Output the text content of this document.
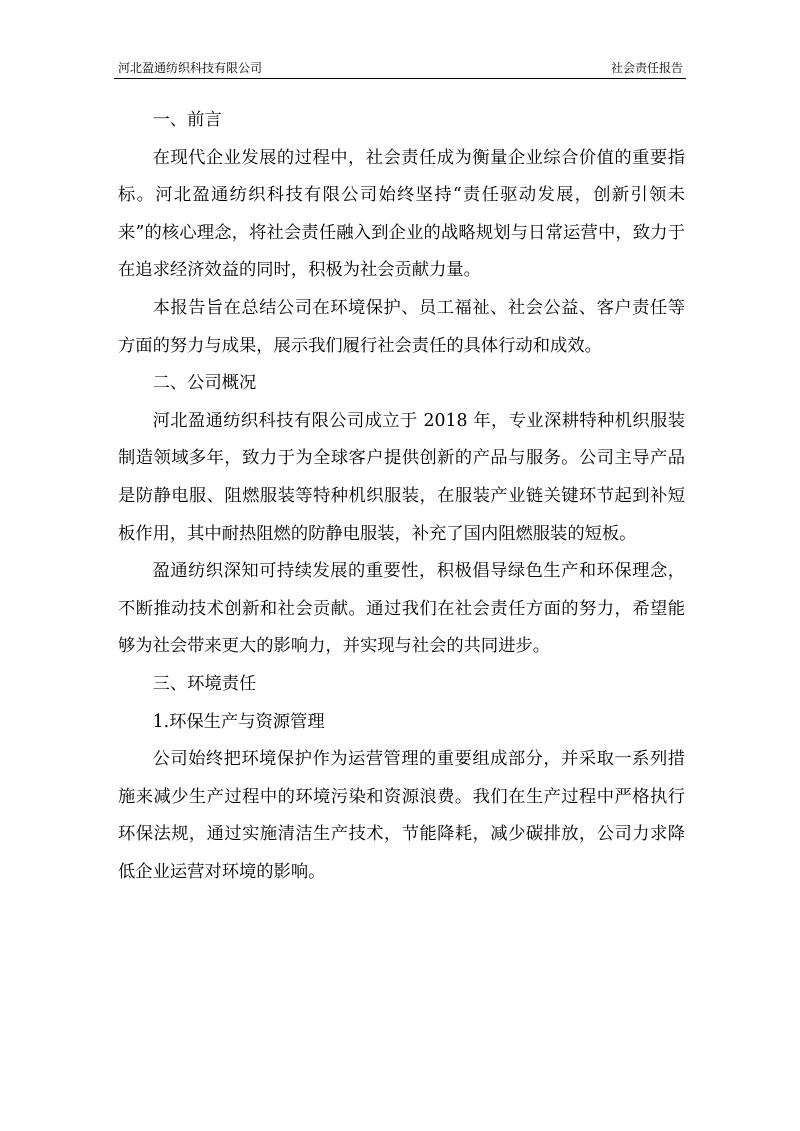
河北盈通纺织科技有限公司	社会责任报告

一、前言

在现代企业发展的过程中，社会责任成为衡量企业综合价值的重要指标。河北盈通纺织科技有限公司始终坚持“责任驱动发展，创新引领未来”的核心理念，将社会责任融入到企业的战略规划与日常运营中，致力于在追求经济效益的同时，积极为社会贡献力量。

本报告旨在总结公司在环境保护、员工福祉、社会公益、客户责任等方面的努力与成果，展示我们履行社会责任的具体行动和成效。

二、公司概况

河北盈通纺织科技有限公司成立于 2018 年，专业深耕特种机织服装制造领域多年，致力于为全球客户提供创新的产品与服务。公司主导产品是防静电服、阻燃服装等特种机织服装，在服装产业链关键环节起到补短板作用，其中耐热阻燃的防静电服装，补充了国内阻燃服装的短板。

盈通纺织深知可持续发展的重要性，积极倡导绿色生产和环保理念，不断推动技术创新和社会贡献。通过我们在社会责任方面的努力，希望能够为社会带来更大的影响力，并实现与社会的共同进步。

三、环境责任

1.环保生产与资源管理

公司始终把环境保护作为运营管理的重要组成部分，并采取一系列措施来减少生产过程中的环境污染和资源浪费。我们在生产过程中严格执行环保法规，通过实施清洁生产技术，节能降耗，减少碳排放，公司力求降低企业运营对环境的影响。
